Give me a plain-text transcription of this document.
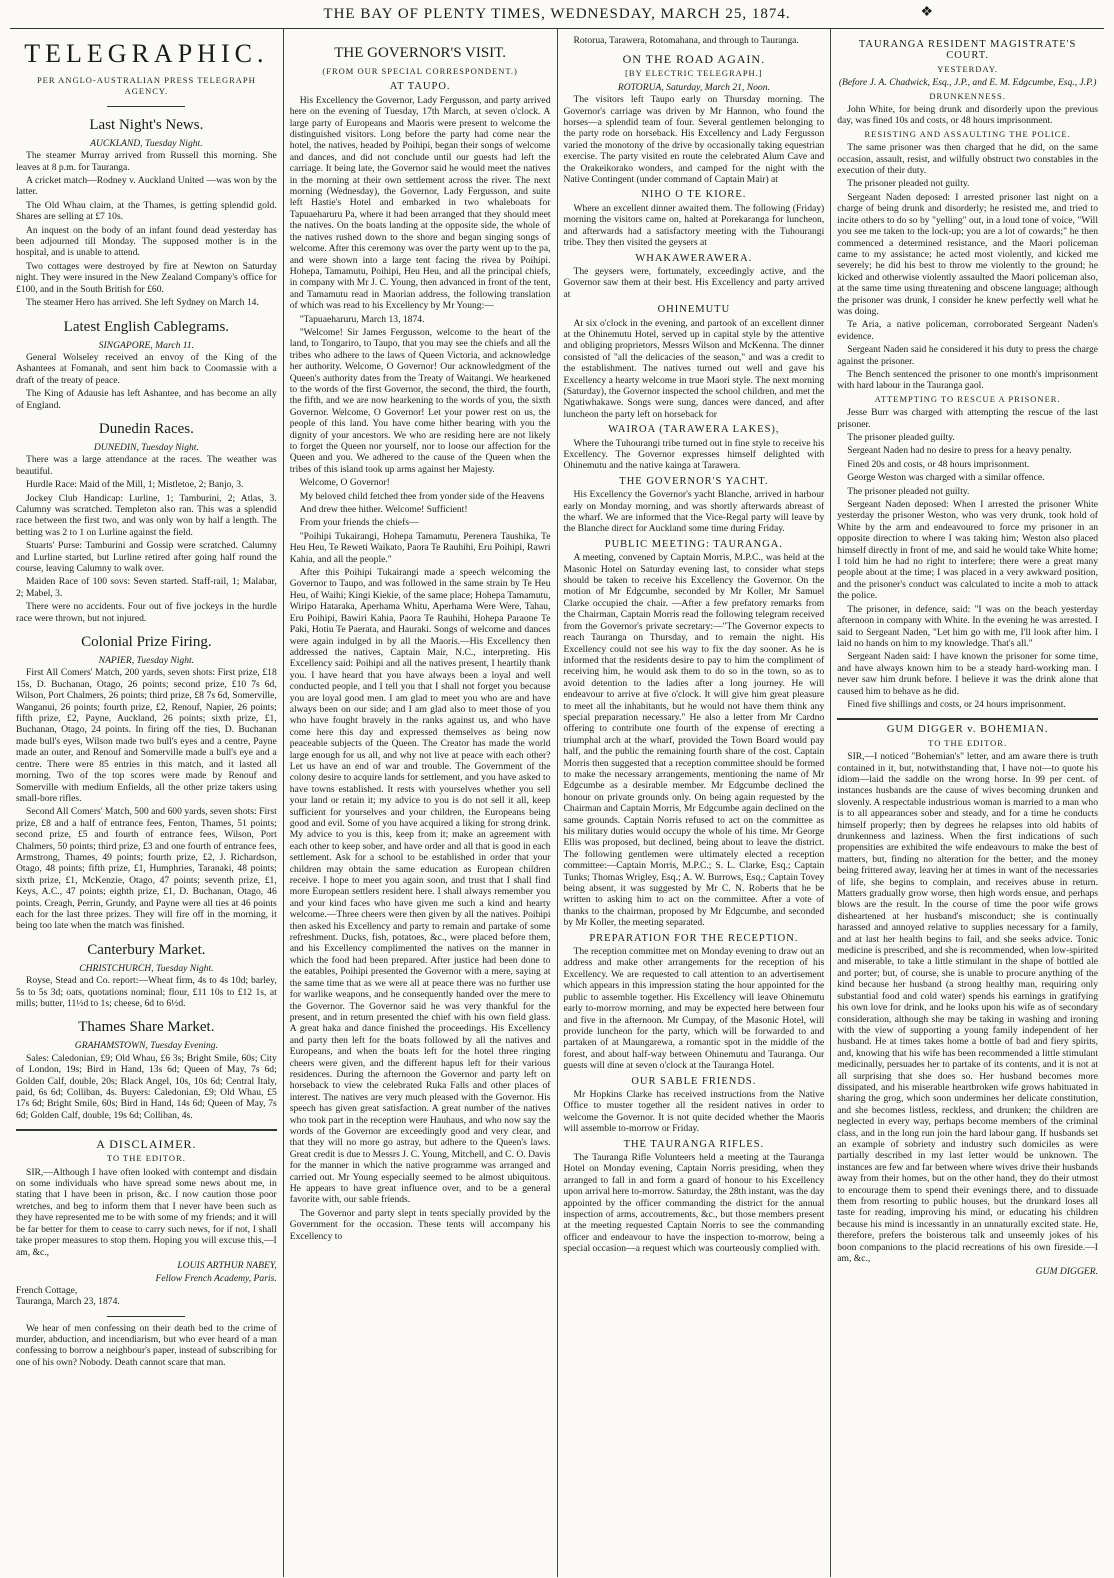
THE BAY OF PLENTY TIMES, WEDNESDAY, MARCH 25, 1874.	❖
TELEGRAPHIC.
PER ANGLO-AUSTRALIAN PRESS TELEGRAPH AGENCY.
Last Night's News.
AUCKLAND, Tuesday Night.

The steamer Murray arrived from Russell this morning. She leaves at 8 p.m. for Tauranga.

A cricket match—Rodney v. Auckland United —was won by the latter.

The Old Whau claim, at the Thames, is getting splendid gold. Shares are selling at £7 10s.

An inquest on the body of an infant found dead yesterday has been adjourned till Monday. The supposed mother is in the hospital, and is unable to attend.

Two cottages were destroyed by fire at Newton on Saturday night. They were insured in the New Zealand Company's office for £100, and in the South British for £60.

The steamer Hero has arrived. She left Sydney on March 14.

Latest English Cablegrams.
SINGAPORE, March 11.

General Wolseley received an envoy of the King of the Ashantees at Fomanah, and sent him back to Coomassie with a draft of the treaty of peace.

The King of Adausie has left Ashantee, and has become an ally of England.

Dunedin Races.
DUNEDIN, Tuesday Night.

There was a large attendance at the races. The weather was beautiful.

Hurdle Race: Maid of the Mill, 1; Mistletoe, 2; Banjo, 3.

Jockey Club Handicap: Lurline, 1; Tamburini, 2; Atlas, 3. Calumny was scratched. Templeton also ran. This was a splendid race between the first two, and was only won by half a length. The betting was 2 to 1 on Lurline against the field.

Stuarts' Purse: Tamburini and Gossip were scratched. Calumny and Lurline started, but Lurline retired after going half round the course, leaving Calumny to walk over.

Maiden Race of 100 sovs: Seven started. Staff-rail, 1; Malabar, 2; Mabel, 3.

There were no accidents. Four out of five jockeys in the hurdle race were thrown, but not injured.

Colonial Prize Firing.
NAPIER, Tuesday Night.

First All Comers' Match, 200 yards, seven shots: First prize, £18 15s, D. Buchanan, Otago, 26 points; second prize, £10 7s 6d, Wilson, Port Chalmers, 26 points; third prize, £8 7s 6d, Somerville, Wanganui, 26 points; fourth prize, £2, Renouf, Napier, 26 points; fifth prize, £2, Payne, Auckland, 26 points; sixth prize, £1, Buchanan, Otago, 24 points. In firing off the ties, D. Buchanan made bull's eyes, Wilson made two bull's eyes and a centre, Payne made an outer, and Renouf and Somerville made a bull's eye and a centre. There were 85 entries in this match, and it lasted all morning. Two of the top scores were made by Renouf and Somerville with medium Enfields, all the other prize takers using small-bore rifles.

Second All Comers' Match, 500 and 600 yards, seven shots: First prize, £8 and a half of entrance fees, Fenton, Thames, 51 points; second prize, £5 and fourth of entrance fees, Wilson, Port Chalmers, 50 points; third prize, £3 and one fourth of entrance fees, Armstrong, Thames, 49 points; fourth prize, £2, J. Richardson, Otago, 48 points; fifth prize, £1, Humphries, Taranaki, 48 points; sixth prize, £1, McKenzie, Otago, 47 points; seventh prize, £1, Keys, A.C., 47 points; eighth prize, £1, D. Buchanan, Otago, 46 points. Creagh, Perrin, Grundy, and Payne were all ties at 46 points each for the last three prizes. They will fire off in the morning, it being too late when the match was finished.

Canterbury Market.
CHRISTCHURCH, Tuesday Night.

Royse, Stead and Co. report:—Wheat firm, 4s to 4s 10d; barley, 5s to 5s 3d; oats, quotations nominal; flour, £11 10s to £12 1s, at mills; butter, 11½d to 1s; cheese, 6d to 6½d.

Thames Share Market.
GRAHAMSTOWN, Tuesday Evening.

Sales: Caledonian, £9; Old Whau, £6 3s; Bright Smile, 60s; City of London, 19s; Bird in Hand, 13s 6d; Queen of May, 7s 6d; Golden Calf, double, 20s; Black Angel, 10s, 10s 6d; Central Italy, paid, 6s 6d; Colliban, 4s. Buyers: Caledonian, £9; Old Whau, £5 17s 6d; Bright Smile, 60s; Bird in Hand, 14s 6d; Queen of May, 7s 6d; Golden Calf, double, 19s 6d; Colliban, 4s.

A DISCLAIMER.
TO THE EDITOR.

SIR,—Although I have often looked with contempt and disdain on some individuals who have spread some news about me, in stating that I have been in prison, &c. I now caution those poor wretches, and beg to inform them that I never have been such as they have represented me to be with some of my friends; and it will be far better for them to cease to carry such news, for if not, I shall take proper measures to stop them. Hoping you will excuse this,—I am, &c.,

LOUIS ARTHUR NABEY,
Fellow French Academy, Paris.
French Cottage,
Tauranga, March 23, 1874.

We hear of men confessing on their death bed to the crime of murder, abduction, and incendiarism, but who ever heard of a man confessing to borrow a neighbour's paper, instead of subscribing for one of his own? Nobody. Death cannot scare that man.

THE GOVERNOR'S VISIT.
(FROM OUR SPECIAL CORRESPONDENT.)
AT TAUPO.

His Excellency the Governor, Lady Fergusson, and party arrived here on the evening of Tuesday, 17th March, at seven o'clock. A large party of Europeans and Maoris were present to welcome the distinguished visitors. Long before the party had come near the hotel, the natives, headed by Poihipi, began their songs of welcome and dances, and did not conclude until our guests had left the carriage. It being late, the Governor said he would meet the natives in the morning at their own settlement across the river. The next morning (Wednesday), the Governor, Lady Fergusson, and suite left Hastie's Hotel and embarked in two whaleboats for Tapuaeharuru Pa, where it had been arranged that they should meet the natives. On the boats landing at the opposite side, the whole of the natives rushed down to the shore and began singing songs of welcome. After this ceremony was over the party went up to the pa, and were shown into a large tent facing the rivea by Poihipi. Hohepa, Tamamutu, Poihipi, Heu Heu, and all the principal chiefs, in company with Mr J. C. Young, then advanced in front of the tent, and Tamamutu read in Maorian address, the following translation of which was read to his Excellency by Mr Young:—

"Tapuaeharuru, March 13, 1874.

"Welcome! Sir James Fergusson, welcome to the heart of the land, to Tongariro, to Taupo, that you may see the chiefs and all the tribes who adhere to the laws of Queen Victoria, and acknowledge her authority. Welcome, O Governor! Our acknowledgment of the Queen's authority dates from the Treaty of Waitangi. We hearkened to the words of the first Governor, the second, the third, the fourth, the fifth, and we are now hearkening to the words of you, the sixth Governor. Welcome, O Governor! Let your power rest on us, the people of this land. You have come hither bearing with you the dignity of your ancestors. We who are residing here are not likely to forget the Queen nor yourself, nor to loose our affection for the Queen and you. We adhered to the cause of the Queen when the tribes of this island took up arms against her Majesty.

Welcome, O Governor!

My beloved child fetched thee from yonder side of the Heavens

And drew thee hither. Welcome! Sufficient!

From your friends the chiefs—

"Poihipi Tukairangi, Hohepa Tamamutu, Perenera Taushika, Te Heu Heu, Te Reweti Waikato, Paora Te Rauhihi, Eru Poihipi, Rawri Kahia, and all the people."

After this Poihipi Tukairangi made a speech welcoming the Governor to Taupo, and was followed in the same strain by Te Heu Heu, of Waihi; Kingi Kiekie, of the same place; Hohepa Tamamutu, Wiripo Hataraka, Aperhama Whitu, Aperhama Were Were, Tahau, Eru Poihipi, Bawiri Kahia, Paora Te Rauhihi, Hohepa Paraone Te Paki, Hotiu Te Paerata, and Hauraki. Songs of welcome and dances were again indulged in by all the Maoris.—His Excellency then addressed the natives, Captain Mair, N.C., interpreting. His Excellency said: Poihipi and all the natives present, I heartily thank you. I have heard that you have always been a loyal and well conducted people, and I tell you that I shall not forget you because you are loyal good men. I am glad to meet you who are and have always been on our side; and I am glad also to meet those of you who have fought bravely in the ranks against us, and who have come here this day and expressed themselves as being now peaceable subjects of the Queen. The Creator has made the world large enough for us all, and why not live at peace with each other? Let us have an end of war and trouble. The Government of the colony desire to acquire lands for settlement, and you have asked to have towns established. It rests with yourselves whether you sell your land or retain it; my advice to you is do not sell it all, keep sufficient for yourselves and your children, the Europeans being good and evil. Some of you have acquired a liking for strong drink. My advice to you is this, keep from it; make an agreement with each other to keep sober, and have order and all that is good in each settlement. Ask for a school to be established in order that your children may obtain the same education as European children receive. I hope to meet you again soon, and trust that I shall find more European settlers resident here. I shall always remember you and your kind faces who have given me such a kind and hearty welcome.—Three cheers were then given by all the natives. Poihipi then asked his Excellency and party to remain and partake of some refreshment. Ducks, fish, potatoes, &c., were placed before them, and his Excellency complimented the natives on the manner in which the food had been prepared. After justice had been done to the eatables, Poihipi presented the Governor with a mere, saying at the same time that as we were all at peace there was no further use for warlike weapons, and he consequently handed over the mere to the Governor. The Governor said he was very thankful for the present, and in return presented the chief with his own field glass. A great haka and dance finished the proceedings. His Excellency and party then left for the boats followed by all the natives and Europeans, and when the boats left for the hotel three ringing cheers were given, and the different hapus left for their various residences. During the afternoon the Governor and party left on horseback to view the celebrated Ruka Falls and other places of interest. The natives are very much pleased with the Governor. His speech has given great satisfaction. A great number of the natives who took part in the reception were Hauhaus, and who now say the words of the Governor are exceedingly good and very clear, and that they will no more go astray, but adhere to the Queen's laws. Great credit is due to Messrs J. C. Young, Mitchell, and C. O. Davis for the manner in which the native programme was arranged and carried out. Mr Young especially seemed to be almost ubiquitous. He appears to have great influence over, and to be a general favorite with, our sable friends.

The Governor and party slept in tents specially provided by the Government for the occasion. These tents will accompany his Excellency to

Rotorua, Tarawera, Rotomahana, and through to Tauranga.

ON THE ROAD AGAIN.
[BY ELECTRIC TELEGRAPH.]
ROTORUA, Saturday, March 21, Noon.

The visitors left Taupo early on Thursday morning. The Governor's carriage was driven by Mr Hannon, who found the horses—a splendid team of four. Several gentlemen belonging to the party rode on horseback. His Excellency and Lady Fergusson varied the monotony of the drive by occasionally taking equestrian exercise. The party visited en route the celebrated Alum Cave and the Orakeikorako wonders, and camped for the night with the Native Contingent (under command of Captain Mair) at

NIHO O TE KIORE.

Where an excellent dinner awaited them. The following (Friday) morning the visitors came on, halted at Porekaranga for luncheon, and afterwards had a satisfactory meeting with the Tuhourangi tribe. They then visited the geysers at

WHAKAWERAWERA.

The geysers were, fortunately, exceedingly active, and the Governor saw them at their best. His Excellency and party arrived at

OHINEMUTU

At six o'clock in the evening, and partook of an excellent dinner at the Ohinemutu Hotel, served up in capital style by the attentive and obliging proprietors, Messrs Wilson and McKenna. The dinner consisted of "all the delicacies of the season," and was a credit to the establishment. The natives turned out well and gave his Excellency a hearty welcome in true Maori style. The next morning (Saturday), the Governor inspected the school children, and met the Ngatiwhakawe. Songs were sung, dances were danced, and after luncheon the party left on horseback for

WAIROA (TARAWERA LAKES),

Where the Tuhourangi tribe turned out in fine style to receive his Excellency. The Governor expresses himself delighted with Ohinemutu and the native kainga at Tarawera.

THE GOVERNOR'S YACHT.

His Excellency the Governor's yacht Blanche, arrived in harbour early on Monday morning, and was shortly afterwards abreast of the wharf. We are informed that the Vice-Regal party will leave by the Blanche direct for Auckland some time during Friday.

PUBLIC MEETING: TAURANGA.

A meeting, convened by Captain Morris, M.P.C., was held at the Masonic Hotel on Saturday evening last, to consider what steps should be taken to receive his Excellency the Governor. On the motion of Mr Edgcumbe, seconded by Mr Koller, Mr Samuel Clarke occupied the chair. —After a few prefatory remarks from the Chairman, Captain Morris read the following telegram received from the Governor's private secretary:—"The Governor expects to reach Tauranga on Thursday, and to remain the night. His Excellency could not see his way to fix the day sooner. As he is informed that the residents desire to pay to him the compliment of receiving him, he would ask them to do so in the town, so as to avoid detention to the ladies after a long journey. He will endeavour to arrive at five o'clock. It will give him great pleasure to meet all the inhabitants, but he would not have them think any special preparation necessary." He also a letter from Mr Cardno offering to contribute one fourth of the expense of erecting a triumphal arch at the wharf, provided the Town Board would pay half, and the public the remaining fourth share of the cost. Captain Morris then suggested that a reception committee should be formed to make the necessary arrangements, mentioning the name of Mr Edgcumbe as a desirable member. Mr Edgcumbe declined the honour on private grounds only. On being again requested by the Chairman and Captain Morris, Mr Edgcumbe again declined on the same grounds. Captain Norris refused to act on the committee as his military duties would occupy the whole of his time. Mr George Ellis was proposed, but declined, being about to leave the district. The following gentlemen were ultimately elected a reception committee:—Captain Morris, M.P.C.; S. L. Clarke, Esq.; Captain Tunks; Thomas Wrigley, Esq.; A. W. Burrows, Esq.; Captain Tovey being absent, it was suggested by Mr C. N. Roberts that he be written to asking him to act on the committee. After a vote of thanks to the chairman, proposed by Mr Edgcumbe, and seconded by Mr Koller, the meeting separated.

PREPARATION FOR THE RECEPTION.

The reception committee met on Monday evening to draw out an address and make other arrangements for the reception of his Excellency. We are requested to call attention to an advertisement which appears in this impression stating the hour appointed for the public to assemble together. His Excellency will leave Ohinemutu early to-morrow morning, and may be expected here between four and five in the afternoon. Mr Cumpay, of the Masonic Hotel, will provide luncheon for the party, which will be forwarded to and partaken of at Maungarewa, a romantic spot in the middle of the forest, and about half-way between Ohinemutu and Tauranga. Our guests will dine at seven o'clock at the Tauranga Hotel.

OUR SABLE FRIENDS.

Mr Hopkins Clarke has received instructions from the Native Office to muster together all the resident natives in order to welcome the Governor. It is not quite decided whether the Maoris will assemble to-morrow or Friday.

THE TAURANGA RIFLES.

The Tauranga Rifle Volunteers held a meeting at the Tauranga Hotel on Monday evening, Captain Norris presiding, when they arranged to fall in and form a guard of honour to his Excellency upon arrival here to-morrow. Saturday, the 28th instant, was the day appointed by the officer commanding the district for the annual inspection of arms, accoutrements, &c., but those members present at the meeting requested Captain Norris to see the commanding officer and endeavour to have the inspection to-morrow, being a special occasion—a request which was courteously complied with.

TAURANGA RESIDENT MAGISTRATE'S COURT.
YESTERDAY.
(Before J. A. Chadwick, Esq., J.P., and E. M. Edgcumbe, Esq., J.P.)
DRUNKENNESS.

John White, for being drunk and disorderly upon the previous day, was fined 10s and costs, or 48 hours imprisonment.

RESISTING AND ASSAULTING THE POLICE.

The same prisoner was then charged that he did, on the same occasion, assault, resist, and wilfully obstruct two constables in the execution of their duty.

The prisoner pleaded not guilty.

Sergeant Naden deposed: I arrested prisoner last night on a charge of being drunk and disorderly; he resisted me, and tried to incite others to do so by "yelling" out, in a loud tone of voice, "Will you see me taken to the lock-up; you are a lot of cowards;" he then commenced a determined resistance, and the Maori policeman came to my assistance; he acted most violently, and kicked me severely; he did his best to throw me violently to the ground; he kicked and otherwise violently assaulted the Maori policeman also, at the same time using threatening and obscene language; although the prisoner was drunk, I consider he knew perfectly well what he was doing.

Te Aria, a native policeman, corroborated Sergeant Naden's evidence.

Sergeant Naden said he considered it his duty to press the charge against the prisoner.

The Bench sentenced the prisoner to one month's imprisonment with hard labour in the Tauranga gaol.

ATTEMPTING TO RESCUE A PRISONER.

Jesse Burr was charged with attempting the rescue of the last prisoner.

The prisoner pleaded guilty.

Sergeant Naden had no desire to press for a heavy penalty.

Fined 20s and costs, or 48 hours imprisonment.

George Weston was charged with a similar offence.

The prisoner pleaded not guilty.

Sergeant Naden deposed: When I arrested the prisoner White yesterday the prisoner Weston, who was very drunk, took hold of White by the arm and endeavoured to force my prisoner in an opposite direction to where I was taking him; Weston also placed himself directly in front of me, and said he would take White home; I told him he had no right to interfere; there were a great many people about at the time; I was placed in a very awkward position, and the prisoner's conduct was calculated to incite a mob to attack the police.

The prisoner, in defence, said: "I was on the beach yesterday afternoon in company with White. In the evening he was arrested. I said to Sergeant Naden, "Let him go with me, I'll look after him. I laid no hands on him to my knowledge. That's all."

Sergeant Naden said: I have known the prisoner for some time, and have always known him to be a steady hard-working man. I never saw him drunk before. I believe it was the drink alone that caused him to behave as he did.

Fined five shillings and costs, or 24 hours imprisonment.

GUM DIGGER v. BOHEMIAN.
TO THE EDITOR.

SIR,—I noticed "Bohemian's" letter, and am aware there is truth contained in it, but, notwithstanding that, I have not—to quote his idiom—laid the saddle on the wrong horse. In 99 per cent. of instances husbands are the cause of wives becoming drunken and slovenly. A respectable industrious woman is married to a man who is to all appearances sober and steady, and for a time he conducts himself properly; then by degrees he relapses into old habits of drunkenness and laziness. When the first indications of such propensities are exhibited the wife endeavours to make the best of matters, but, finding no alteration for the better, and the money being frittered away, leaving her at times in want of the necessaries of life, she begins to complain, and receives abuse in return. Matters gradually grow worse, then high words ensue, and perhaps blows are the result. In the course of time the poor wife grows disheartened at her husband's misconduct; she is continually harassed and annoyed relative to supplies necessary for a family, and at last her health begins to fail, and she seeks advice. Tonic medicine is prescribed, and she is recommended, when low-spirited and miserable, to take a little stimulant in the shape of bottled ale and porter; but, of course, she is unable to procure anything of the kind because her husband (a strong healthy man, requiring only substantial food and cold water) spends his earnings in gratifying his own love for drink, and he looks upon his wife as of secondary consideration, although she may be taking in washing and ironing with the view of supporting a young family independent of her husband. He at times takes home a bottle of bad and fiery spirits, and, knowing that his wife has been recommended a little stimulant medicinally, persuades her to partake of its contents, and it is not at all surprising that she does so. Her husband becomes more dissipated, and his miserable heartbroken wife grows habituated in sharing the grog, which soon undermines her delicate constitution, and she becomes listless, reckless, and drunken; the children are neglected in every way, perhaps become members of the criminal class, and in the long run join the hard labour gang. If husbands set an example of sobriety and industry such domiciles as were partially described in my last letter would be unknown. The instances are few and far between where wives drive their husbands away from their homes, but on the other hand, they do their utmost to encourage them to spend their evenings there, and to dissuade them from resorting to public houses, but the drunkard loses all taste for reading, improving his mind, or educating his children because his mind is incessantly in an unnaturally excited state. He, therefore, prefers the boisterous talk and unseemly jokes of his boon companions to the placid recreations of his own fireside.—I am, &c.,

GUM DIGGER.
